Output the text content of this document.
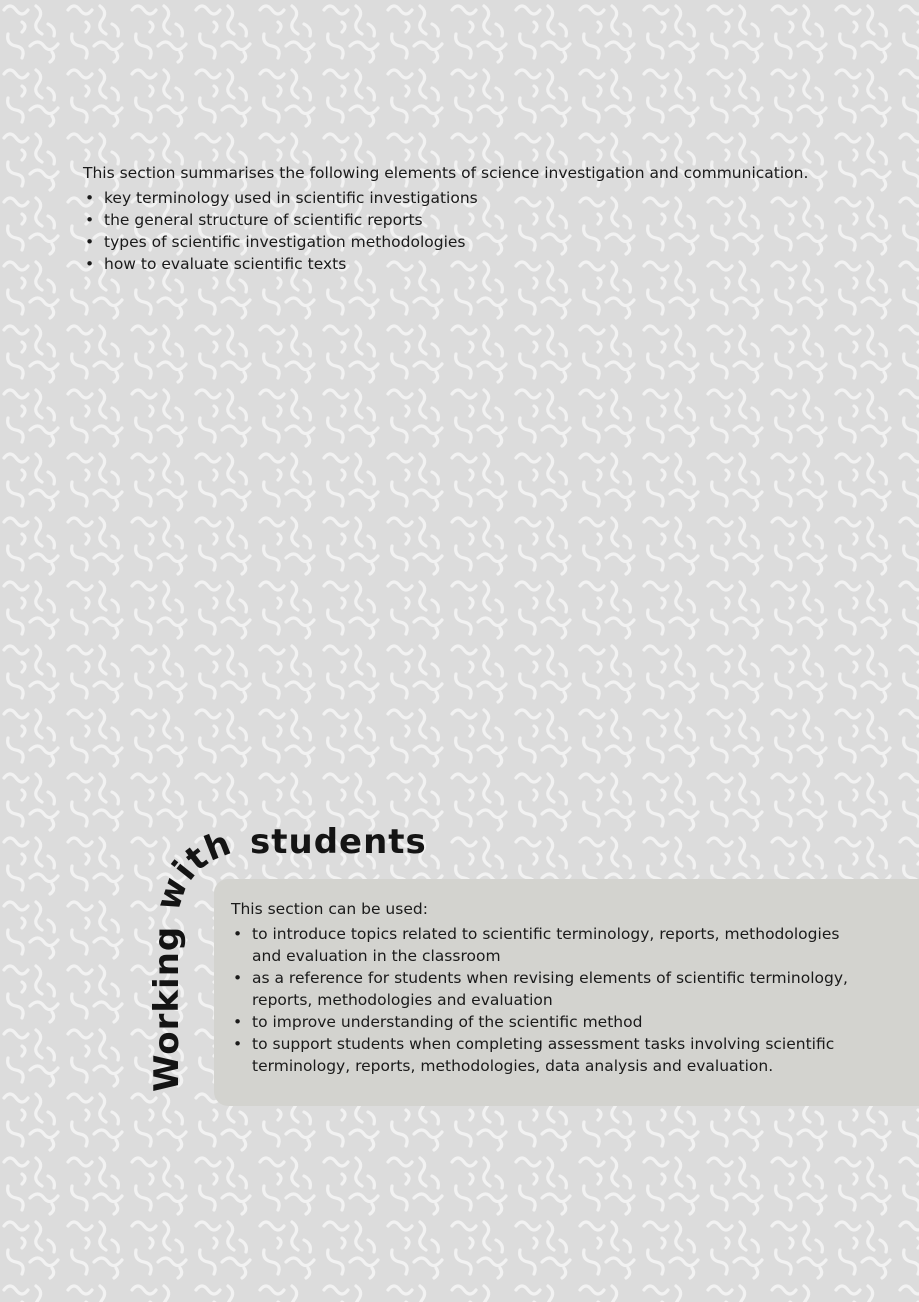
This section summarises the following elements of science investigation and communication.

• key terminology used in scientific investigations
• the general structure of scientific reports
• types of scientific investigation methodologies
• how to evaluate scientific texts
Working with students

This section can be used:

• to introduce topics related to scientific terminology, reports, methodologies and evaluation in the classroom
• as a reference for students when revising elements of scientific terminology, reports, methodologies and evaluation
• to improve understanding of the scientific method
• to support students when completing assessment tasks involving scientific terminology, reports, methodologies, data analysis and evaluation.
